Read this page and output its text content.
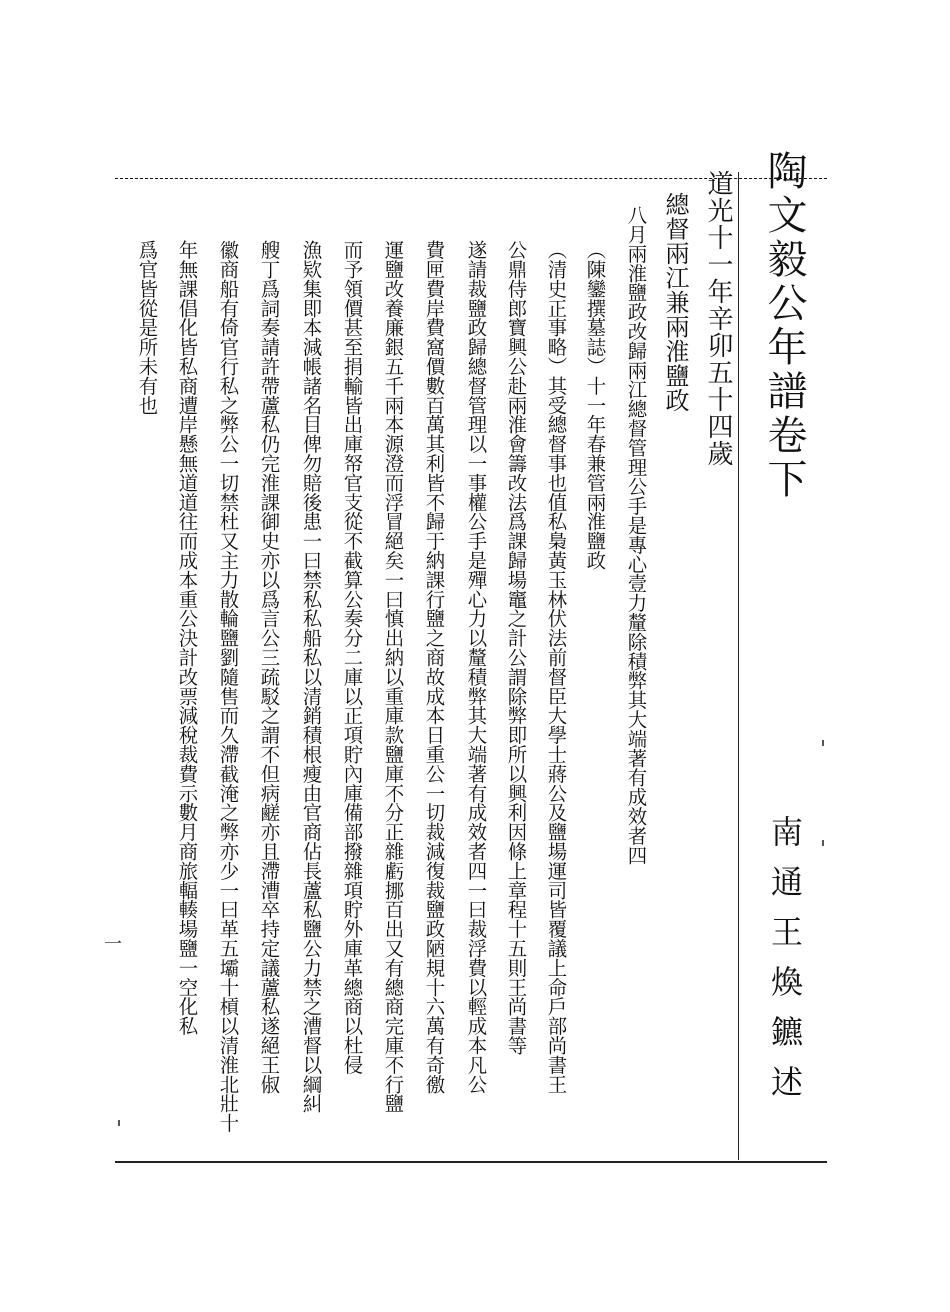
陶文毅公年譜卷下
南通王煥鑣述
道光十一年辛卯五十四歲
總督兩江兼兩淮鹽政
八月兩淮鹽政改歸兩江總督管理公手是專心壹力釐除積弊其大端著有成效者四
（陳鑾撰墓誌）十一年春兼管兩淮鹽政
（清史正事略）其受總督事也值私梟黃玉林伏法前督臣大學士蔣公及鹽場運司皆覆議上命戶部尚書王
公鼎侍郎寶興公赴兩淮會籌改法爲課歸場竈之計公謂除弊即所以興利因條上章程十五則王尚書等
遂請裁鹽政歸總督管理以一事權公手是殫心力以釐積弊其大端著有成效者四一曰裁浮費以輕成本凡公
費匣費岸費窩價數百萬其利皆不歸于納課行鹽之商故成本日重公一切裁減復裁鹽政陋規十六萬有奇徼
運鹽改養廉銀五千兩本源澄而浮冒絕矣一曰慎出納以重庫款鹽庫不分正雜虧挪百出又有總商完庫不行鹽
而予領價甚至捐輸皆出庫帑官支從不截算公奏分二庫以正項貯內庫備部撥雜項貯外庫革總商以杜侵
漁欵集即本減帳諸名目俾勿賠後患一曰禁私私船私以清銷積根瘦由官商佔長蘆私鹽公力禁之漕督以綱糾
艘丁爲詞奏請許帶蘆私仍完淮課御史亦以爲言公三疏駁之謂不但病鹺亦且滯漕卒持定議蘆私遂絕王俶
徽商船有倚官行私之弊公一切禁杜又主力散輪鹽劉隨售而久滯截淹之弊亦少一曰革五壩十槓以清淮北壯十
年無課倡化皆私商遭岸懸無道道往而成本重公決計改票減稅裁費示數月商旅輻輳場鹽一空化私
爲官皆從是所未有也
一
